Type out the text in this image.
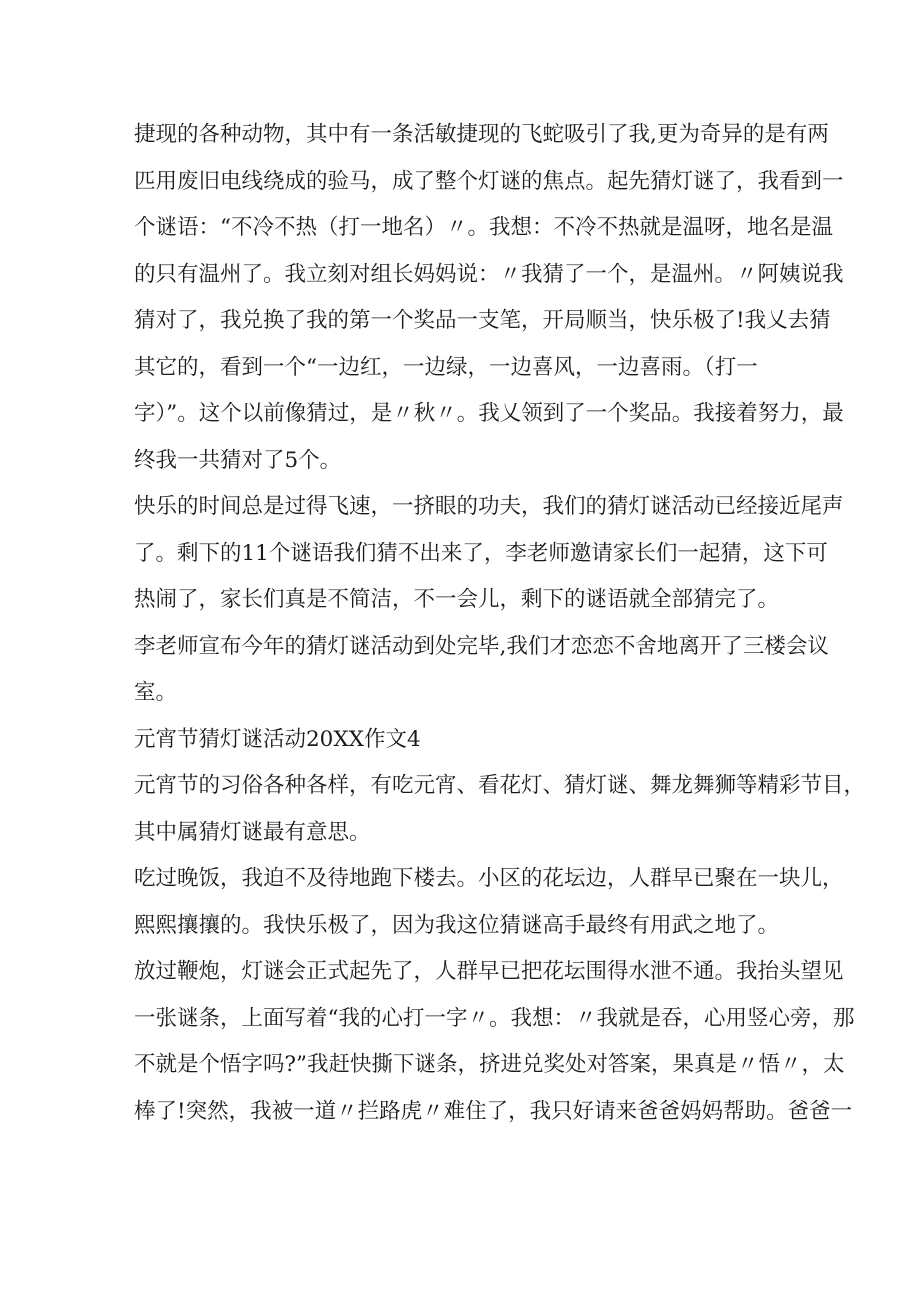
捷现的各种动物，其中有一条活敏捷现的飞蛇吸引了我,更为奇异的是有两
匹用废旧电线绕成的验马，成了整个灯谜的焦点。起先猜灯谜了，我看到一
个谜语：“不冷不热（打一地名）〃。我想：不冷不热就是温呀，地名是温
的只有温州了。我立刻对组长妈妈说：〃我猜了一个，是温州。〃阿姨说我
猜对了，我兑换了我的第一个奖品一支笔，开局顺当，快乐极了!我乂去猜
其它的，看到一个“一边红，一边绿，一边喜风，一边喜雨。（打一
字）”。这个以前像猜过，是〃秋〃。我乂领到了一个奖品。我接着努力，最
终我一共猜对了5个。
快乐的时间总是过得飞速，一挤眼的功夫，我们的猜灯谜活动已经接近尾声
了。剩下的11个谜语我们猜不出来了，李老师邀请家长们一起猜，这下可
热闹了，家长们真是不简洁，不一会儿，剩下的谜语就全部猜完了。
李老师宣布今年的猜灯谜活动到处完毕,我们才恋恋不舍地离开了三楼会议
室。
元宵节猜灯谜活动20XX作文4
元宵节的习俗各种各样，有吃元宵、看花灯、猜灯谜、舞龙舞狮等精彩节目，
其中属猜灯谜最有意思。
吃过晚饭，我迫不及待地跑下楼去。小区的花坛边，人群早已聚在一块儿，
熙熙攘攘的。我快乐极了，因为我这位猜谜高手最终有用武之地了。
放过鞭炮，灯谜会正式起先了，人群早已把花坛围得水泄不通。我抬头望见
一张谜条，上面写着“我的心打一字〃。我想：〃我就是吞，心用竖心旁，那
不就是个悟字吗?”我赶快撕下谜条，挤进兑奖处对答案，果真是〃悟〃，太
棒了!突然，我被一道〃拦路虎〃难住了，我只好请来爸爸妈妈帮助。爸爸一
